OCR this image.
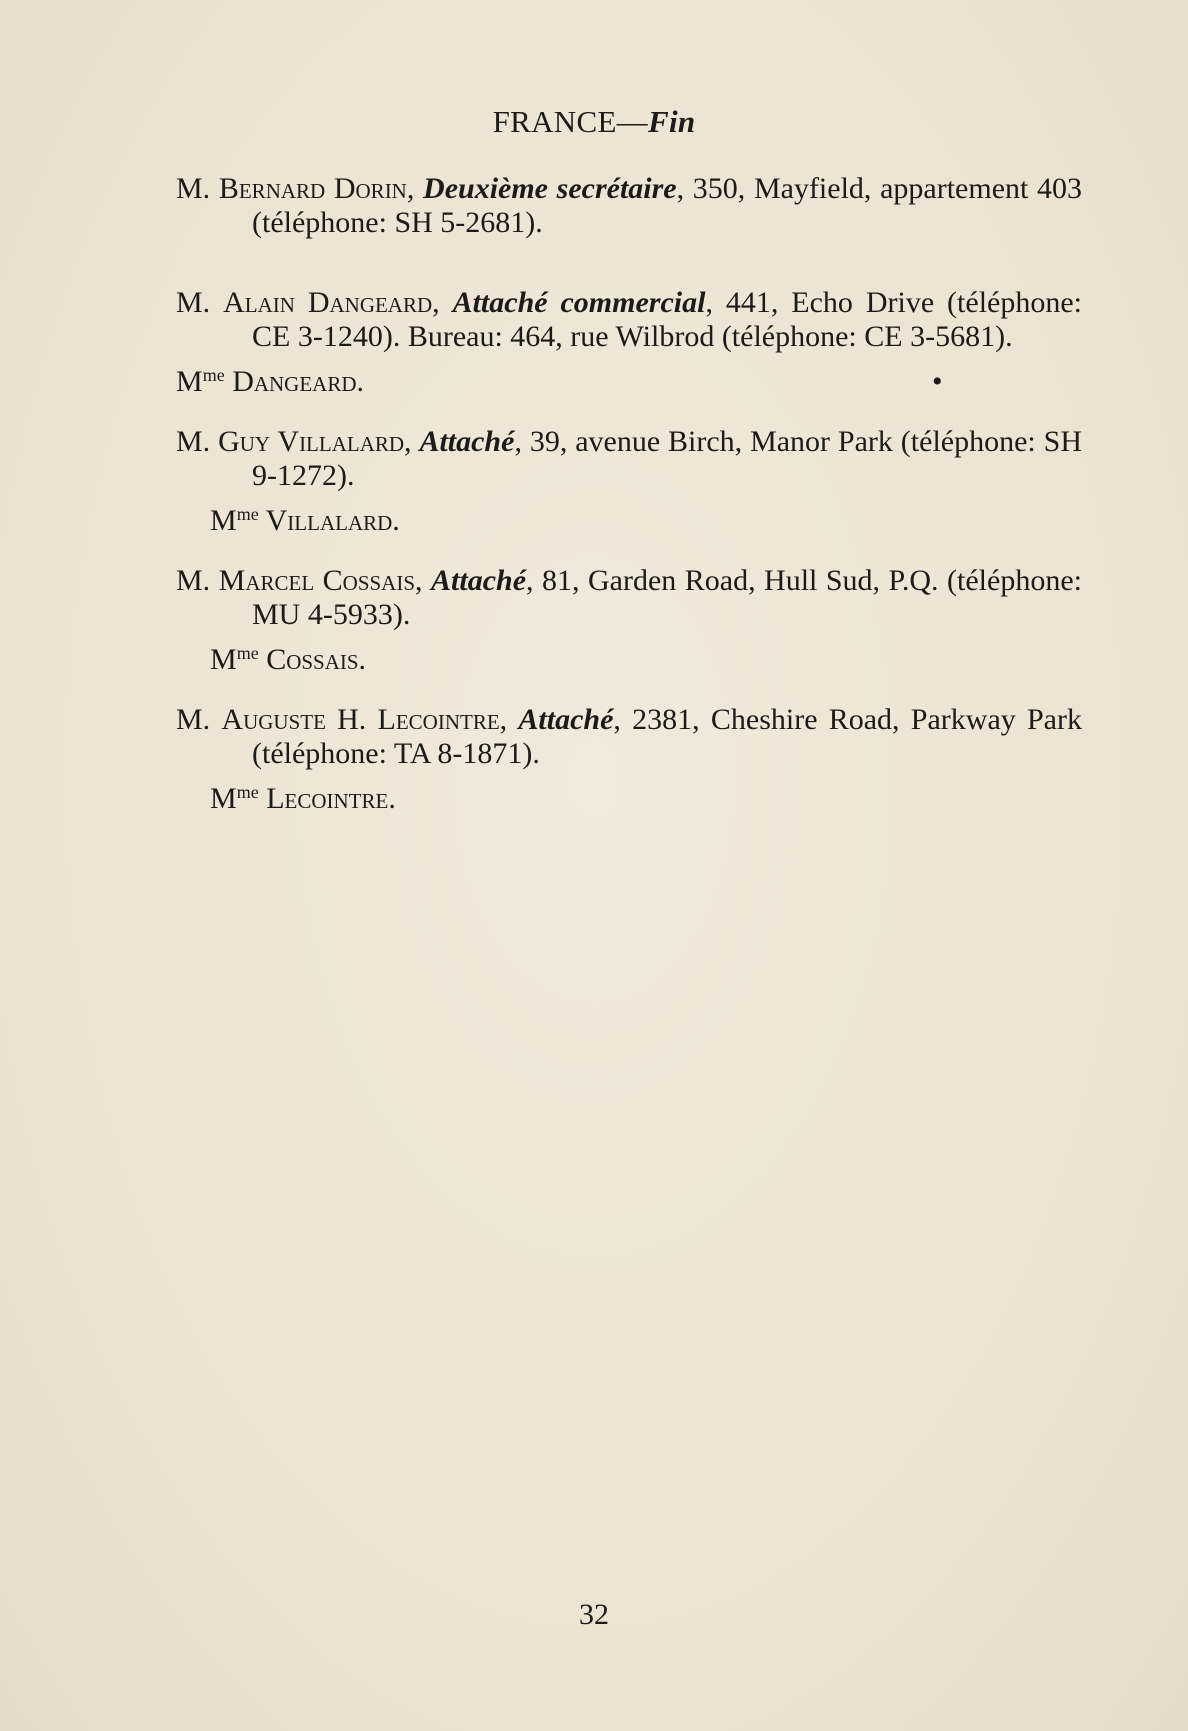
FRANCE—Fin

M. Bernard Dorin, Deuxième secrétaire, 350, Mayfield, appartement 403 (téléphone: SH 5-2681).

M. Alain Dangeard, Attaché commercial, 441, Echo Drive (téléphone: CE 3-1240). Bureau: 464, rue Wilbrod (téléphone: CE 3-5681).

$M^{me}$ Dangeard.	•

M. Guy Villalard, Attaché, 39, avenue Birch, Manor Park (téléphone: SH 9-1272).

$M^{me}$ Villalard.

M. Marcel Cossais, Attaché, 81, Garden Road, Hull Sud, P.Q. (téléphone: MU 4-5933).

$M^{me}$ Cossais.

M. Auguste H. Lecointre, Attaché, 2381, Cheshire Road, Parkway Park (téléphone: TA 8-1871).

$M^{me}$ Lecointre.

32
